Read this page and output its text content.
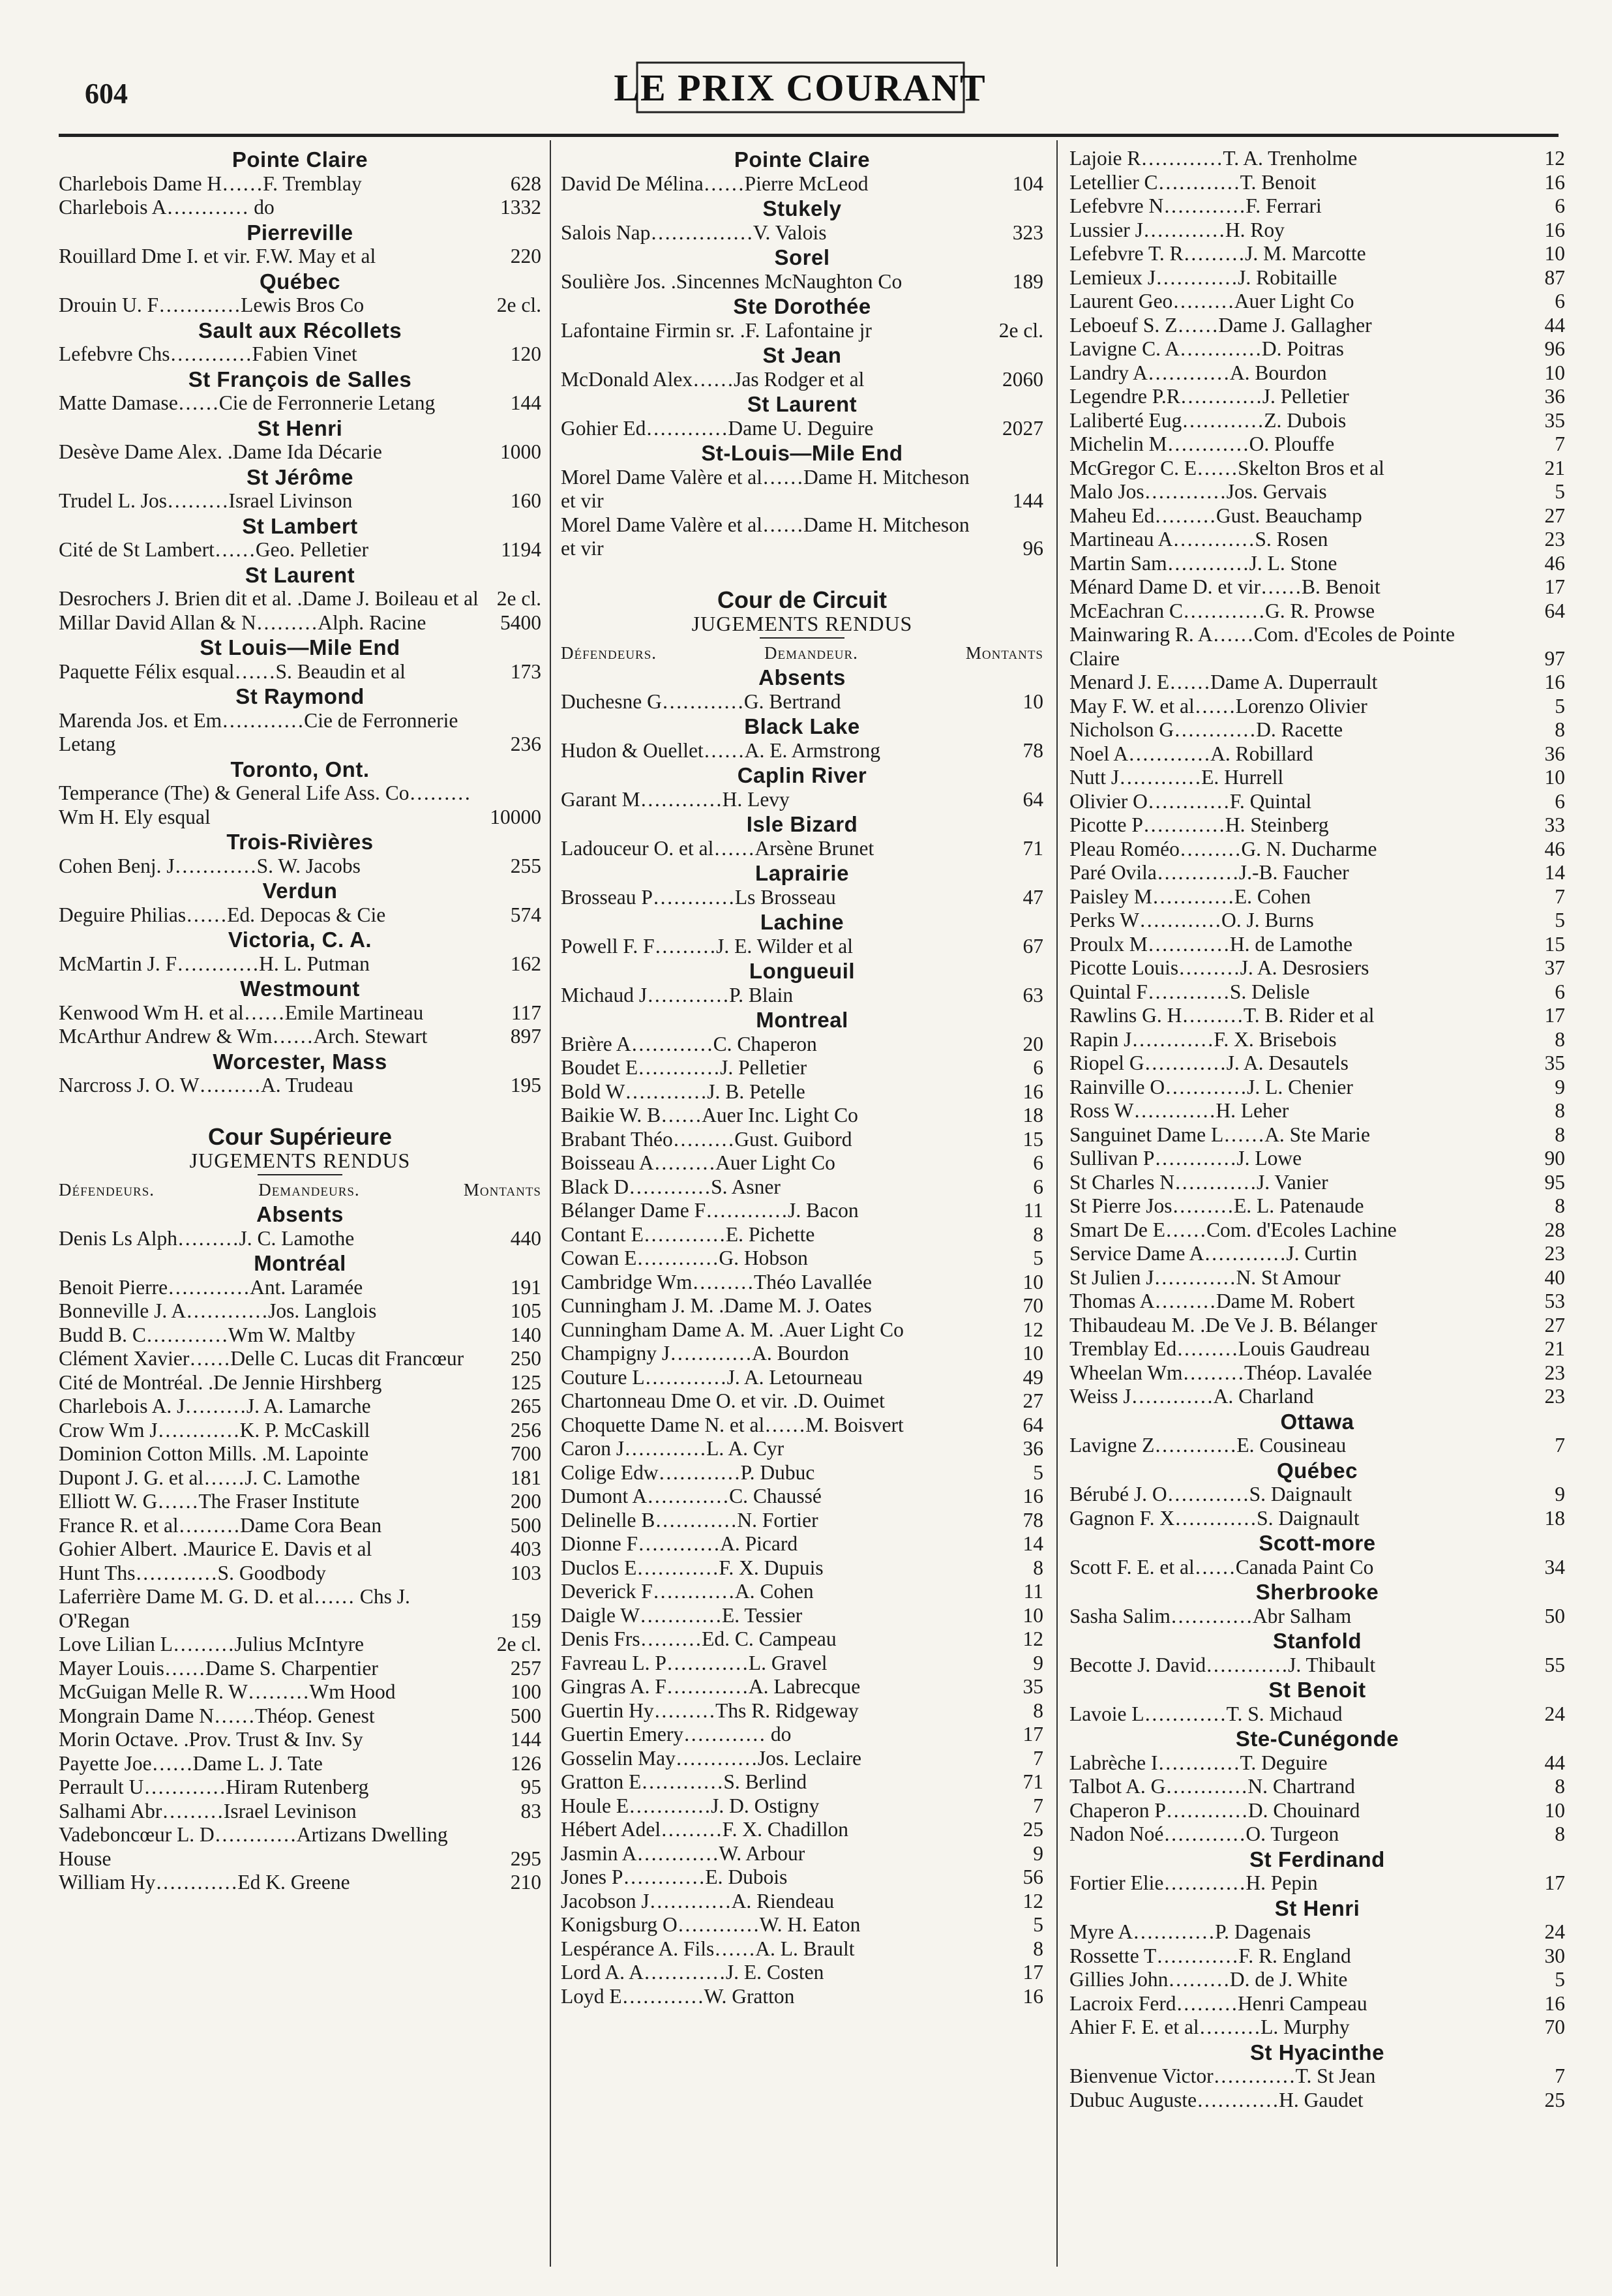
604	LE PRIX COURANT
Pointe Claire
Charlebois Dame H……F. Tremblay	628
Charlebois A………… do	1332
Pierreville
Rouillard Dme I. et vir. F.W. May et al	220
Québec
Drouin U. F…………Lewis Bros Co	2e cl.
Sault aux Récollets
Lefebvre Chs…………Fabien Vinet	120
St François de Salles
Matte Damase……Cie de Ferronnerie Letang	144
St Henri
Desève Dame Alex. .Dame Ida Décarie	1000
St Jérôme
Trudel L. Jos………Israel Livinson	160
St Lambert
Cité de St Lambert……Geo. Pelletier	1194
St Laurent
Desrochers J. Brien dit et al. .Dame J. Boileau et al 2e cl.
Millar David Allan & N………Alph. Racine	5400
St Louis—Mile End
Paquette Félix esqual……S. Beaudin et al	173
St Raymond
Marenda Jos. et Em…………Cie de Ferronnerie Letang	236
Toronto, Ont.
Temperance (The) & General Life Ass. Co………Wm H. Ely esqual	10000
Trois-Rivières
Cohen Benj. J…………S. W. Jacobs	255
Verdun
Deguire Philias……Ed. Depocas & Cie	574
Victoria, C. A.
McMartin J. F…………H. L. Putman	162
Westmount
Kenwood Wm H. et al……Emile Martineau	117
McArthur Andrew & Wm……Arch. Stewart	897
Worcester, Mass
Narcross J. O. W………A. Trudeau	195
Cour Supérieure
JUGEMENTS RENDUS
Défendeurs.	Demandeurs.	Montants
Absents
Denis Ls Alph………J. C. Lamothe	440
Montréal
Benoit Pierre…………Ant. Laramée	191
Bonneville J. A…………Jos. Langlois	105
Budd B. C…………Wm W. Maltby	140
Clément Xavier……Delle C. Lucas dit Francœur	250
Cité de Montréal. .De Jennie Hirshberg	125
Charlebois A. J………J. A. Lamarche	265
Crow Wm J…………K. P. McCaskill	256
Dominion Cotton Mills. .M. Lapointe	700
Dupont J. G. et al……J. C. Lamothe	181
Elliott W. G……The Fraser Institute	200
France R. et al………Dame Cora Bean	500
Gohier Albert. .Maurice E. Davis et al	403
Hunt Ths…………S. Goodbody	103
Laferrière Dame M. G. D. et al…… Chs J. O'Regan	159
Love Lilian L………Julius McIntyre	2e cl.
Mayer Louis……Dame S. Charpentier	257
McGuigan Melle R. W………Wm Hood	100
Mongrain Dame N……Théop. Genest	500
Morin Octave. .Prov. Trust & Inv. Sy	144
Payette Joe……Dame L. J. Tate	126
Perrault U…………Hiram Rutenberg	95
Salhami Abr………Israel Levinison	83
Vadeboncœur L. D…………Artizans Dwelling House	295
William Hy…………Ed K. Greene	210
Pointe Claire
David De Mélina……Pierre McLeod	104
Stukely
Salois Nap……………V. Valois	323
Sorel
Soulière Jos. .Sincennes McNaughton Co	189
Ste Dorothée
Lafontaine Firmin sr. .F. Lafontaine jr	2e cl.
St Jean
McDonald Alex……Jas Rodger et al	2060
St Laurent
Gohier Ed…………Dame U. Deguire	2027
St-Louis—Mile End
Morel Dame Valère et al……Dame H. Mitcheson et vir	144
Morel Dame Valère et al……Dame H. Mitcheson et vir	96
Cour de Circuit
JUGEMENTS RENDUS
Défendeurs.	Demandeur.	Montants
Absents
Duchesne G…………G. Bertrand	10
Black Lake
Hudon & Ouellet……A. E. Armstrong	78
Caplin River
Garant M…………H. Levy	64
Isle Bizard
Ladouceur O. et al……Arsène Brunet	71
Laprairie
Brosseau P…………Ls Brosseau	47
Lachine
Powell F. F………J. E. Wilder et al	67
Longueuil
Michaud J…………P. Blain	63
Montreal
Brière A…………C. Chaperon	20
Boudet E…………J. Pelletier	6
Bold W…………J. B. Petelle	16
Baikie W. B……Auer Inc. Light Co	18
Brabant Théo………Gust. Guibord	15
Boisseau A………Auer Light Co	6
Black D…………S. Asner	6
Bélanger Dame F…………J. Bacon	11
Contant E…………E. Pichette	8
Cowan E…………G. Hobson	5
Cambridge Wm………Théo Lavallée	10
Cunningham J. M. .Dame M. J. Oates	70
Cunningham Dame A. M. .Auer Light Co	12
Champigny J…………A. Bourdon	10
Couture L…………J. A. Letourneau	49
Chartonneau Dme O. et vir. .D. Ouimet	27
Choquette Dame N. et al……M. Boisvert	64
Caron J…………L. A. Cyr	36
Colige Edw…………P. Dubuc	5
Dumont A…………C. Chaussé	16
Delinelle B…………N. Fortier	78
Dionne F…………A. Picard	14
Duclos E…………F. X. Dupuis	8
Deverick F…………A. Cohen	11
Daigle W…………E. Tessier	10
Denis Frs………Ed. C. Campeau	12
Favreau L. P…………L. Gravel	9
Gingras A. F…………A. Labrecque	35
Guertin Hy………Ths R. Ridgeway	8
Guertin Emery………… do	17
Gosselin May…………Jos. Leclaire	7
Gratton E…………S. Berlind	71
Houle E…………J. D. Ostigny	7
Hébert Adel………F. X. Chadillon	25
Jasmin A…………W. Arbour	9
Jones P…………E. Dubois	56
Jacobson J…………A. Riendeau	12
Konigsburg O…………W. H. Eaton	5
Lespérance A. Fils……A. L. Brault	8
Lord A. A…………J. E. Costen	17
Loyd E…………W. Gratton	16
Lajoie R…………T. A. Trenholme	12
Letellier C…………T. Benoit	16
Lefebvre N…………F. Ferrari	6
Lussier J…………H. Roy	16
Lefebvre T. R………J. M. Marcotte	10
Lemieux J…………J. Robitaille	87
Laurent Geo………Auer Light Co	6
Leboeuf S. Z……Dame J. Gallagher	44
Lavigne C. A…………D. Poitras	96
Landry A…………A. Bourdon	10
Legendre P.R…………J. Pelletier	36
Laliberté Eug…………Z. Dubois	35
Michelin M…………O. Plouffe	7
McGregor C. E……Skelton Bros et al	21
Malo Jos…………Jos. Gervais	5
Maheu Ed………Gust. Beauchamp	27
Martineau A…………S. Rosen	23
Martin Sam…………J. L. Stone	46
Ménard Dame D. et vir……B. Benoit	17
McEachran C…………G. R. Prowse	64
Mainwaring R. A……Com. d'Ecoles de Pointe Claire	97
Menard J. E……Dame A. Duperrault	16
May F. W. et al……Lorenzo Olivier	5
Nicholson G…………D. Racette	8
Noel A…………A. Robillard	36
Nutt J…………E. Hurrell	10
Olivier O…………F. Quintal	6
Picotte P…………H. Steinberg	33
Pleau Roméo………G. N. Ducharme	46
Paré Ovila…………J.-B. Faucher	14
Paisley M…………E. Cohen	7
Perks W…………O. J. Burns	5
Proulx M…………H. de Lamothe	15
Picotte Louis………J. A. Desrosiers	37
Quintal F…………S. Delisle	6
Rawlins G. H………T. B. Rider et al	17
Rapin J…………F. X. Brisebois	8
Riopel G…………J. A. Desautels	35
Rainville O…………J. L. Chenier	9
Ross W…………H. Leher	8
Sanguinet Dame L……A. Ste Marie	8
Sullivan P…………J. Lowe	90
St Charles N…………J. Vanier	95
St Pierre Jos………E. L. Patenaude	8
Smart De E……Com. d'Ecoles Lachine	28
Service Dame A…………J. Curtin	23
St Julien J…………N. St Amour	40
Thomas A………Dame M. Robert	53
Thibaudeau M. .De Ve J. B. Bélanger	27
Tremblay Ed………Louis Gaudreau	21
Wheelan Wm………Théop. Lavalée	23
Weiss J…………A. Charland	23
Ottawa
Lavigne Z…………E. Cousineau	7
Québec
Bérubé J. O…………S. Daignault	9
Gagnon F. X…………S. Daignault	18
Scott-more
Scott F. E. et al……Canada Paint Co	34
Sherbrooke
Sasha Salim…………Abr Salham	50
Stanfold
Becotte J. David…………J. Thibault	55
St Benoit
Lavoie L…………T. S. Michaud	24
Ste-Cunégonde
Labrèche I…………T. Deguire	44
Talbot A. G…………N. Chartrand	8
Chaperon P…………D. Chouinard	10
Nadon Noé…………O. Turgeon	8
St Ferdinand
Fortier Elie…………H. Pepin	17
St Henri
Myre A…………P. Dagenais	24
Rossette T…………F. R. England	30
Gillies John………D. de J. White	5
Lacroix Ferd………Henri Campeau	16
Ahier F. E. et al………L. Murphy	70
St Hyacinthe
Bienvenue Victor…………T. St Jean	7
Dubuc Auguste…………H. Gaudet	25
